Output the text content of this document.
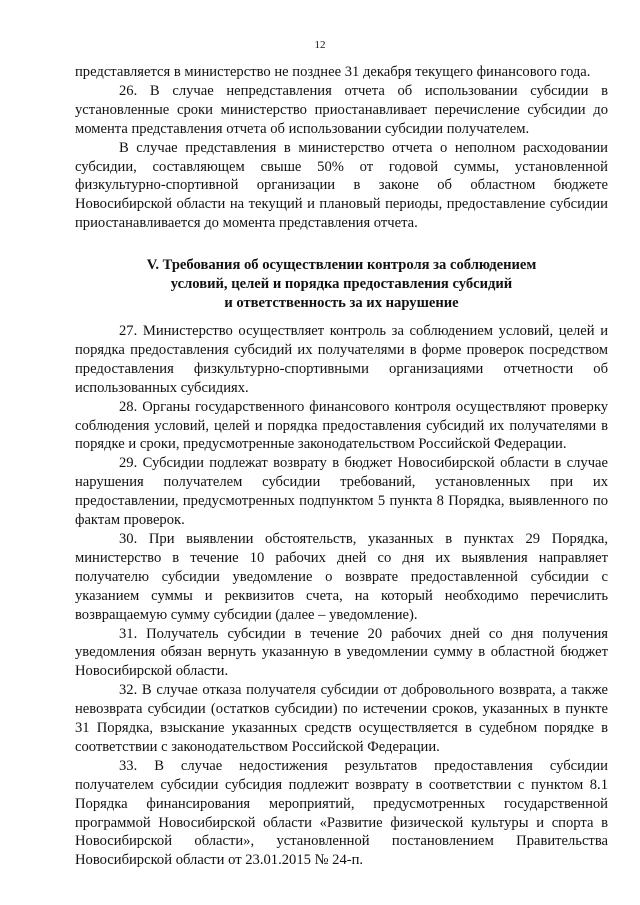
12

представляется в министерство не позднее 31 декабря текущего финансового года.

26. В случае непредставления отчета об использовании субсидии в установленные сроки министерство приостанавливает перечисление субсидии до момента представления отчета об использовании субсидии получателем.

В случае представления в министерство отчета о неполном расходовании субсидии, составляющем свыше 50% от годовой суммы, установленной физкультурно-спортивной организации в законе об областном бюджете Новосибирской области на текущий и плановый периоды, предоставление субсидии приостанавливается до момента представления отчета.

V. Требования об осуществлении контроля за соблюдением
условий, целей и порядка предоставления субсидий
и ответственность за их нарушение

27. Министерство осуществляет контроль за соблюдением условий, целей и порядка предоставления субсидий их получателями в форме проверок посредством предоставления физкультурно-спортивными организациями отчетности об использованных субсидиях.

28. Органы государственного финансового контроля осуществляют проверку соблюдения условий, целей и порядка предоставления субсидий их получателями в порядке и сроки, предусмотренные законодательством Российской Федерации.

29. Субсидии подлежат возврату в бюджет Новосибирской области в случае нарушения получателем субсидии требований, установленных при их предоставлении, предусмотренных подпунктом 5 пункта 8 Порядка, выявленного по фактам проверок.

30. При выявлении обстоятельств, указанных в пунктах 29 Порядка, министерство в течение 10 рабочих дней со дня их выявления направляет получателю субсидии уведомление о возврате предоставленной субсидии с указанием суммы и реквизитов счета, на который необходимо перечислить возвращаемую сумму субсидии (далее – уведомление).

31. Получатель субсидии в течение 20 рабочих дней со дня получения уведомления обязан вернуть указанную в уведомлении сумму в областной бюджет Новосибирской области.

32. В случае отказа получателя субсидии от добровольного возврата, а также невозврата субсидии (остатков субсидии) по истечении сроков, указанных в пункте 31 Порядка, взыскание указанных средств осуществляется в судебном порядке в соответствии с законодательством Российской Федерации.

33. В случае недостижения результатов предоставления субсидии получателем субсидии субсидия подлежит возврату в соответствии с пунктом 8.1 Порядка финансирования мероприятий, предусмотренных государственной программой Новосибирской области «Развитие физической культуры и спорта в Новосибирской области», установленной постановлением Правительства Новосибирской области от 23.01.2015 № 24-п.
